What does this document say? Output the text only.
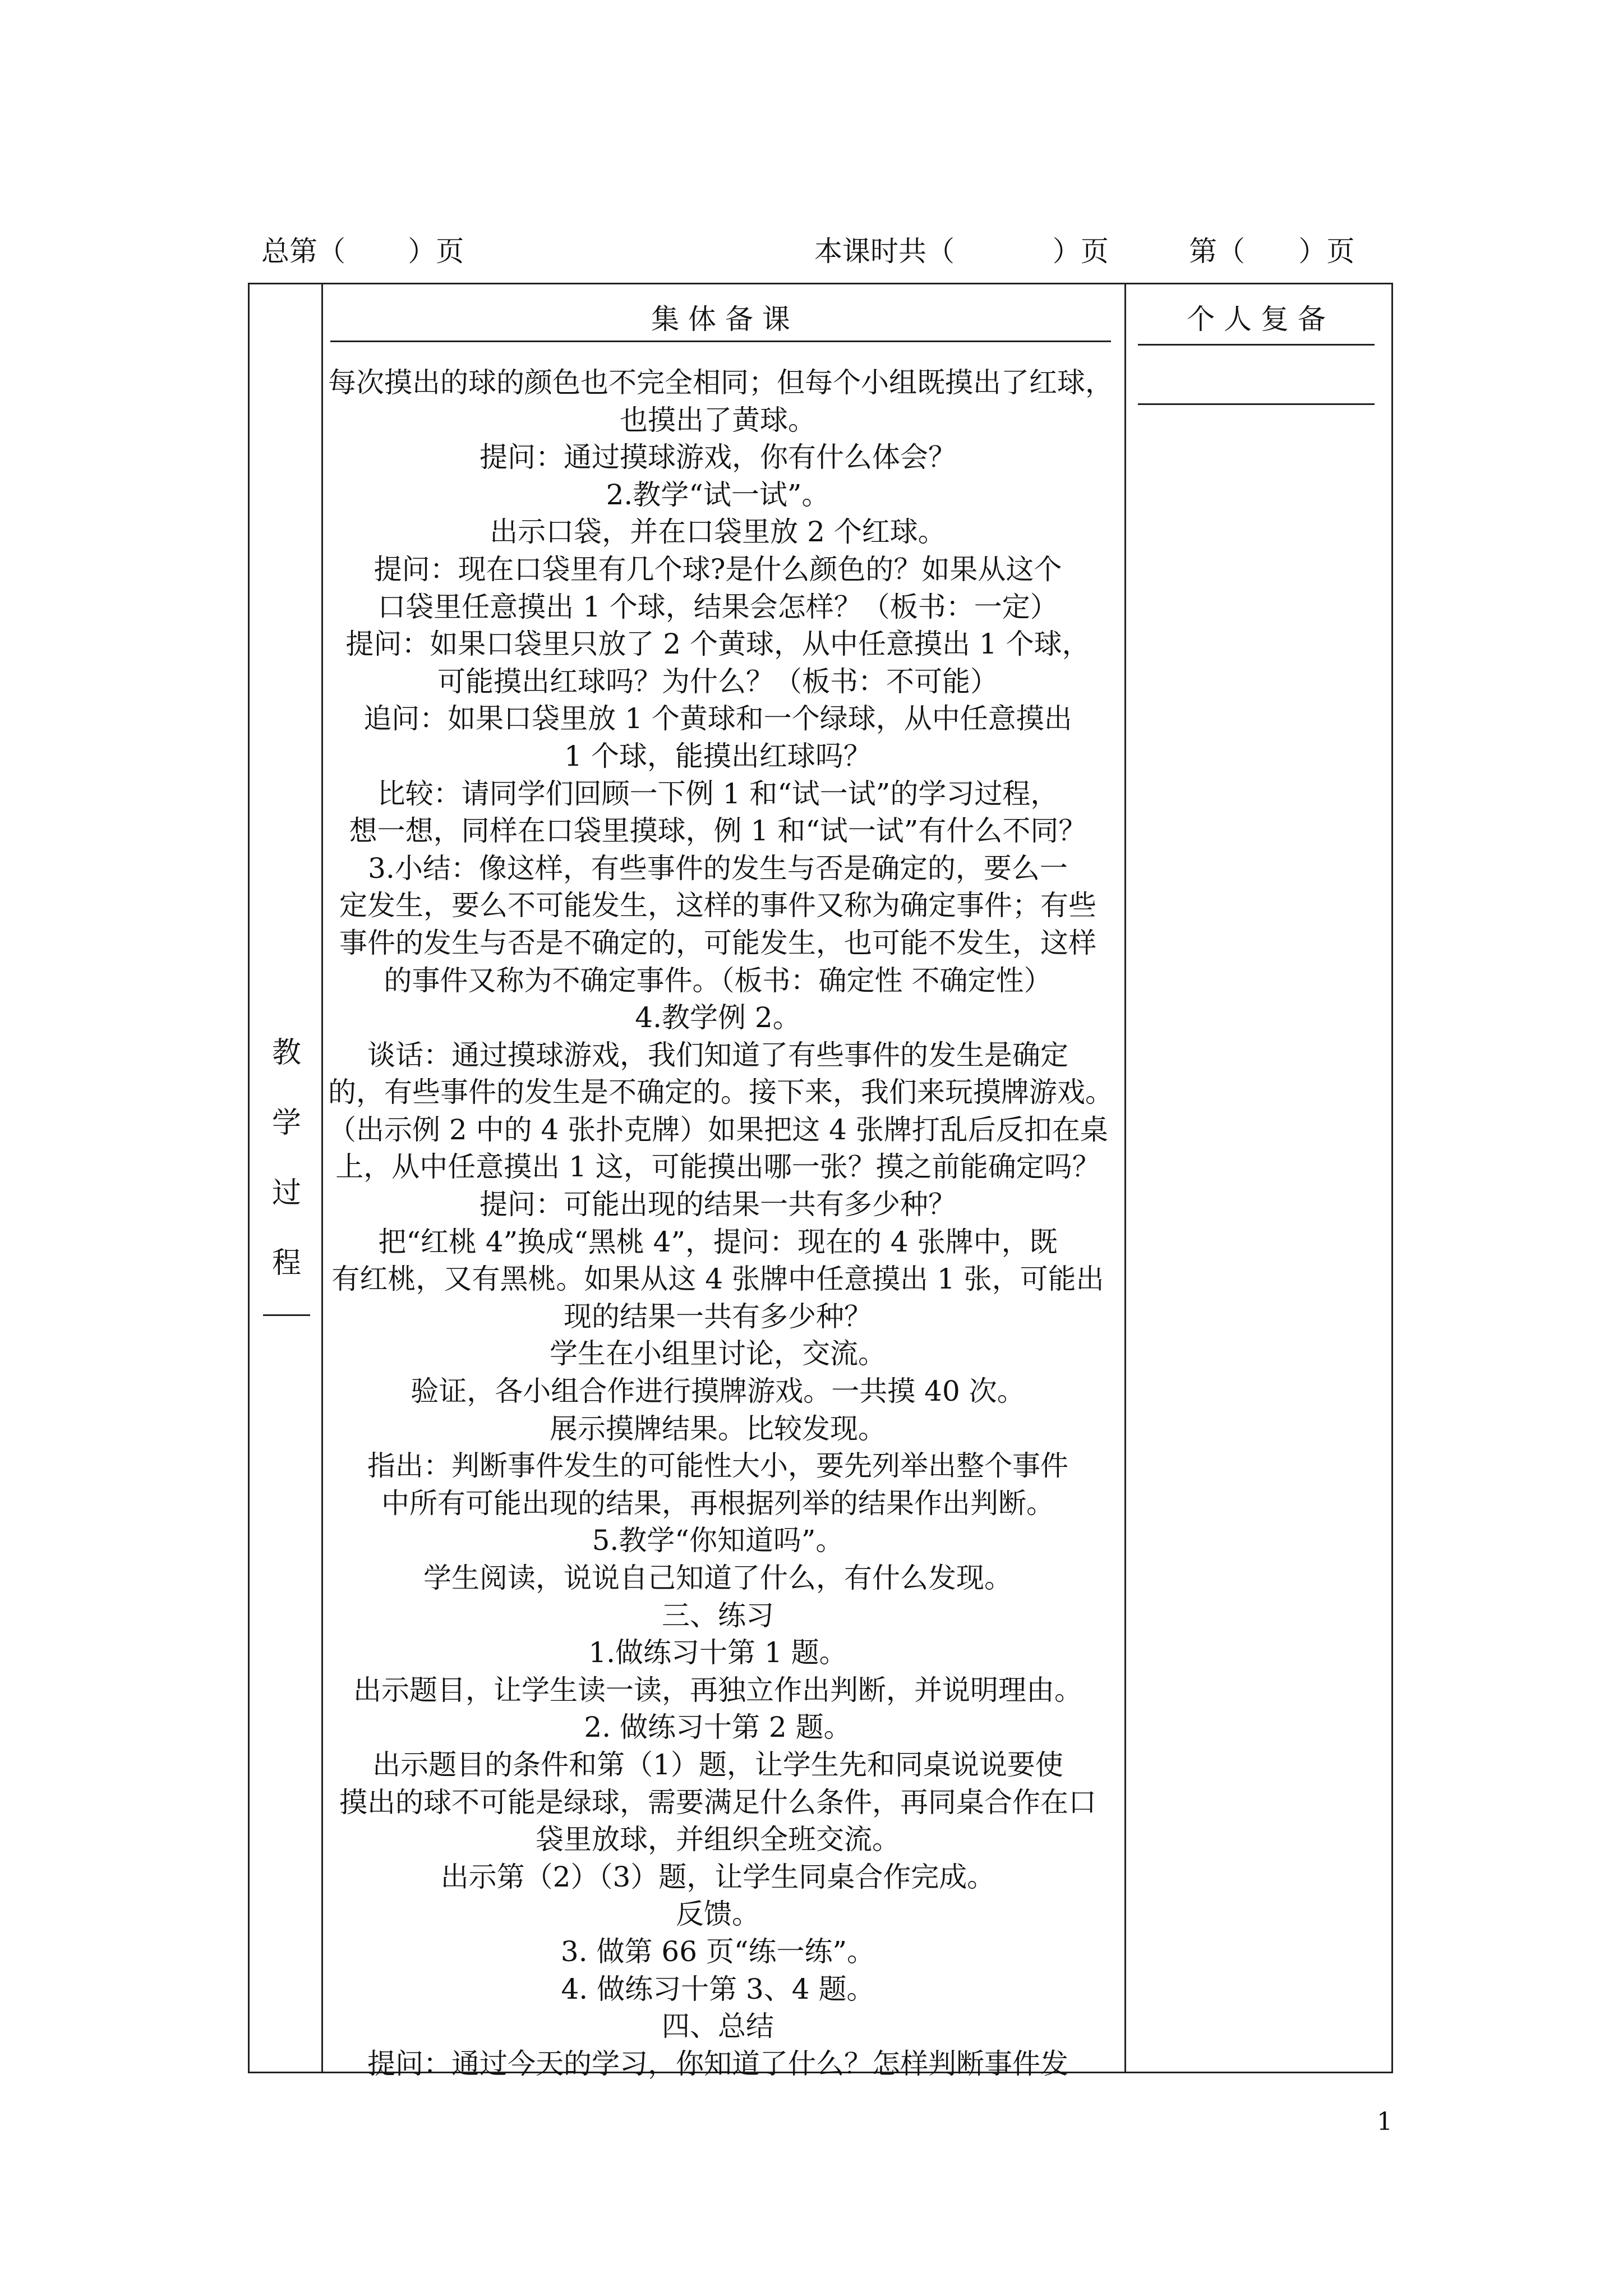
总第（       ）页	本课时共（           ）页	第（      ）页
集 体 备 课	个 人 复 备
教
学
过
程
每次摸出的球的颜色也不完全相同；但每个小组既摸出了红球，
也摸出了黄球。
提问：通过摸球游戏，你有什么体会？
2.教学“试一试”。
出示口袋，并在口袋里放 2 个红球。
提问：现在口袋里有几个球?是什么颜色的？如果从这个
口袋里任意摸出 1 个球，结果会怎样？（板书：一定）
提问：如果口袋里只放了 2 个黄球，从中任意摸出 1 个球，
可能摸出红球吗？为什么？（板书：不可能）
追问：如果口袋里放 1 个黄球和一个绿球，从中任意摸出
1 个球，能摸出红球吗？
比较：请同学们回顾一下例 1 和“试一试”的学习过程，
想一想，同样在口袋里摸球，例 1 和“试一试”有什么不同？
3.小结：像这样，有些事件的发生与否是确定的，要么一
定发生，要么不可能发生，这样的事件又称为确定事件；有些
事件的发生与否是不确定的，可能发生，也可能不发生，这样
的事件又称为不确定事件。（板书：确定性 不确定性）
4.教学例 2。
谈话：通过摸球游戏，我们知道了有些事件的发生是确定
的，有些事件的发生是不确定的。接下来，我们来玩摸牌游戏。
（出示例 2 中的 4 张扑克牌）如果把这 4 张牌打乱后反扣在桌
上，从中任意摸出 1 这，可能摸出哪一张？摸之前能确定吗？
提问：可能出现的结果一共有多少种？
把“红桃 4”换成“黑桃 4”，提问：现在的 4 张牌中，既
有红桃，又有黑桃。如果从这 4 张牌中任意摸出 1 张，可能出
现的结果一共有多少种？
学生在小组里讨论，交流。
验证，各小组合作进行摸牌游戏。一共摸 40 次。
展示摸牌结果。比较发现。
指出：判断事件发生的可能性大小，要先列举出整个事件
中所有可能出现的结果，再根据列举的结果作出判断。
5.教学“你知道吗”。
学生阅读，说说自己知道了什么，有什么发现。
三、练习
1.做练习十第 1 题。
出示题目，让学生读一读，再独立作出判断，并说明理由。
2. 做练习十第 2 题。
出示题目的条件和第（1）题，让学生先和同桌说说要使
摸出的球不可能是绿球，需要满足什么条件，再同桌合作在口
袋里放球，并组织全班交流。
出示第（2）（3）题，让学生同桌合作完成。
反馈。
3. 做第 66 页“练一练”。
4. 做练习十第 3、4 题。
四、总结
提问：通过今天的学习，你知道了什么？怎样判断事件发
1
